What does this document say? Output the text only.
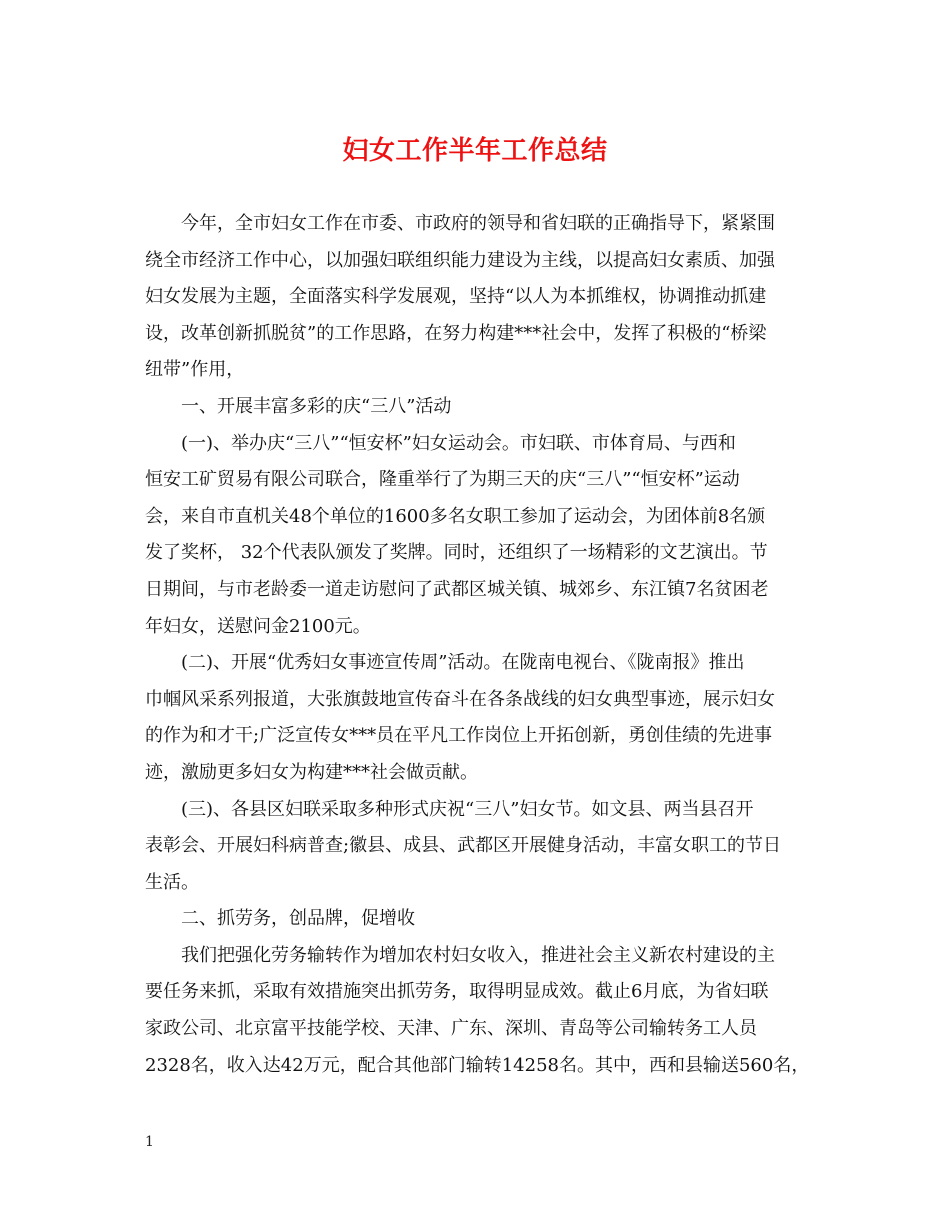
妇女工作半年工作总结

今年，全市妇女工作在市委、市政府的领导和省妇联的正确指导下，紧紧围
绕全市经济工作中心，以加强妇联组织能力建设为主线，以提高妇女素质、加强
妇女发展为主题，全面落实科学发展观，坚持“以人为本抓维权，协调推动抓建
设，改革创新抓脱贫”的工作思路，在努力构建***社会中，发挥了积极的“桥梁
纽带”作用，

一、开展丰富多彩的庆“三八”活动

(一)、举办庆“三八”“恒安杯”妇女运动会。市妇联、市体育局、与西和
恒安工矿贸易有限公司联合，隆重举行了为期三天的庆“三八”“恒安杯”运动
会，来自市直机关48个单位的1600多名女职工参加了运动会，为团体前8名颁
发了奖杯， 32个代表队颁发了奖牌。同时，还组织了一场精彩的文艺演出。节
日期间，与市老龄委一道走访慰问了武都区城关镇、城郊乡、东江镇7名贫困老
年妇女，送慰问金2100元。

(二)、开展“优秀妇女事迹宣传周”活动。在陇南电视台、《陇南报》推出
巾帼风采系列报道，大张旗鼓地宣传奋斗在各条战线的妇女典型事迹，展示妇女
的作为和才干;广泛宣传女***员在平凡工作岗位上开拓创新，勇创佳绩的先进事
迹，激励更多妇女为构建***社会做贡献。

(三)、各县区妇联采取多种形式庆祝“三八”妇女节。如文县、两当县召开
表彰会、开展妇科病普查;徽县、成县、武都区开展健身活动，丰富女职工的节日
生活。

二、抓劳务，创品牌，促增收

我们把强化劳务输转作为增加农村妇女收入，推进社会主义新农村建设的主
要任务来抓，采取有效措施突出抓劳务，取得明显成效。截止6月底，为省妇联
家政公司、北京富平技能学校、天津、广东、深圳、青岛等公司输转务工人员
2328名，收入达42万元，配合其他部门输转14258名。其中，西和县输送560名，

1
